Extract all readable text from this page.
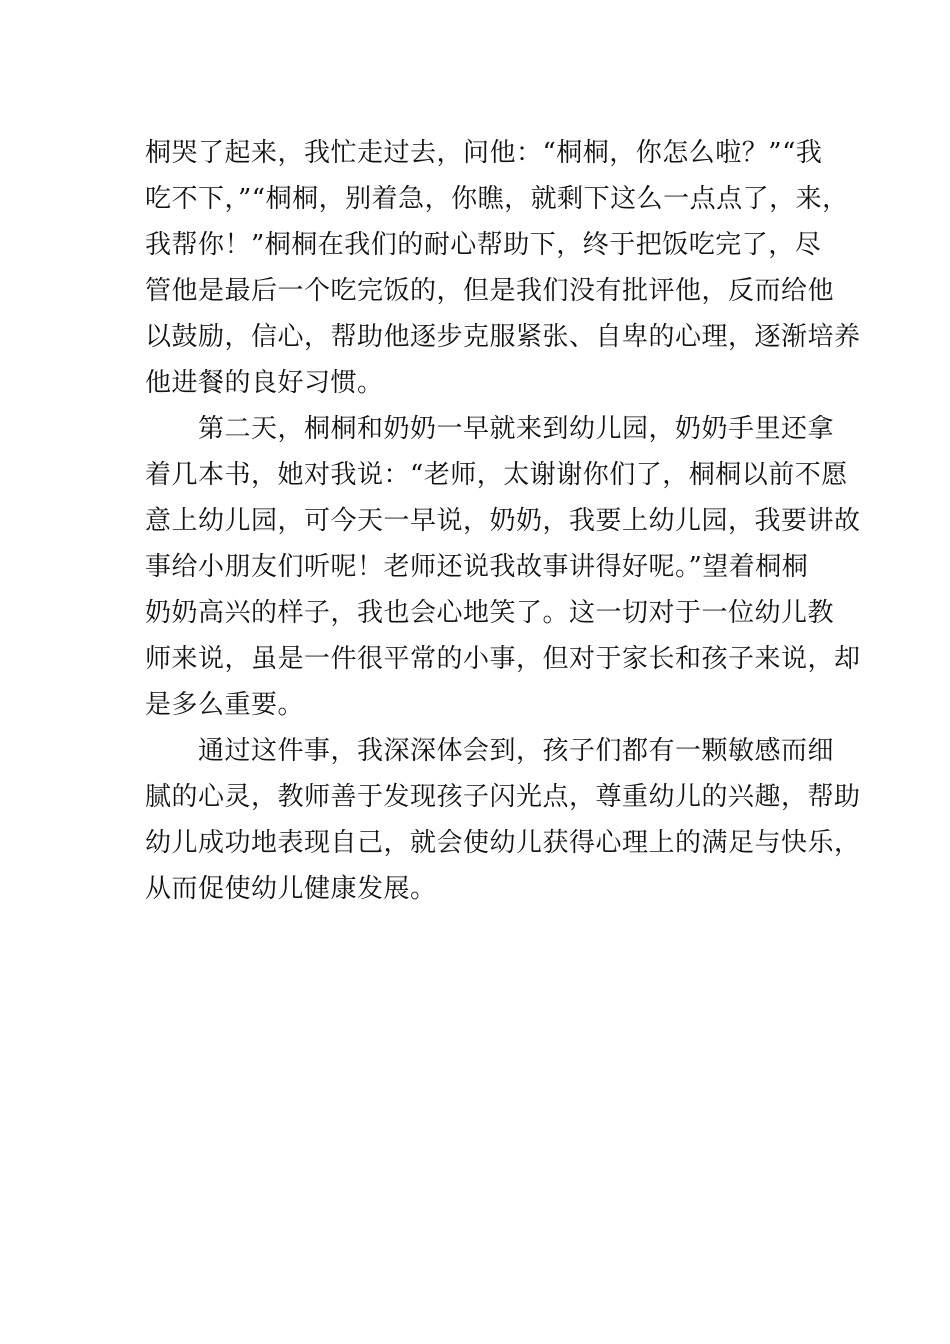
桐哭了起来，我忙走过去，问他：“桐桐，你怎么啦？”“我
吃不下，”“桐桐，别着急，你瞧，就剩下这么一点点了，来，
我帮你！”桐桐在我们的耐心帮助下，终于把饭吃完了，尽
管他是最后一个吃完饭的，但是我们没有批评他，反而给他
以鼓励，信心，帮助他逐步克服紧张、自卑的心理，逐渐培养
他进餐的良好习惯。
　　第二天，桐桐和奶奶一早就来到幼儿园，奶奶手里还拿
着几本书，她对我说：“老师，太谢谢你们了，桐桐以前不愿
意上幼儿园，可今天一早说，奶奶，我要上幼儿园，我要讲故
事给小朋友们听呢！老师还说我故事讲得好呢。”望着桐桐
奶奶高兴的样子，我也会心地笑了。这一切对于一位幼儿教
师来说，虽是一件很平常的小事，但对于家长和孩子来说，却
是多么重要。
　　通过这件事，我深深体会到，孩子们都有一颗敏感而细
腻的心灵，教师善于发现孩子闪光点，尊重幼儿的兴趣，帮助
幼儿成功地表现自己，就会使幼儿获得心理上的满足与快乐，
从而促使幼儿健康发展。
